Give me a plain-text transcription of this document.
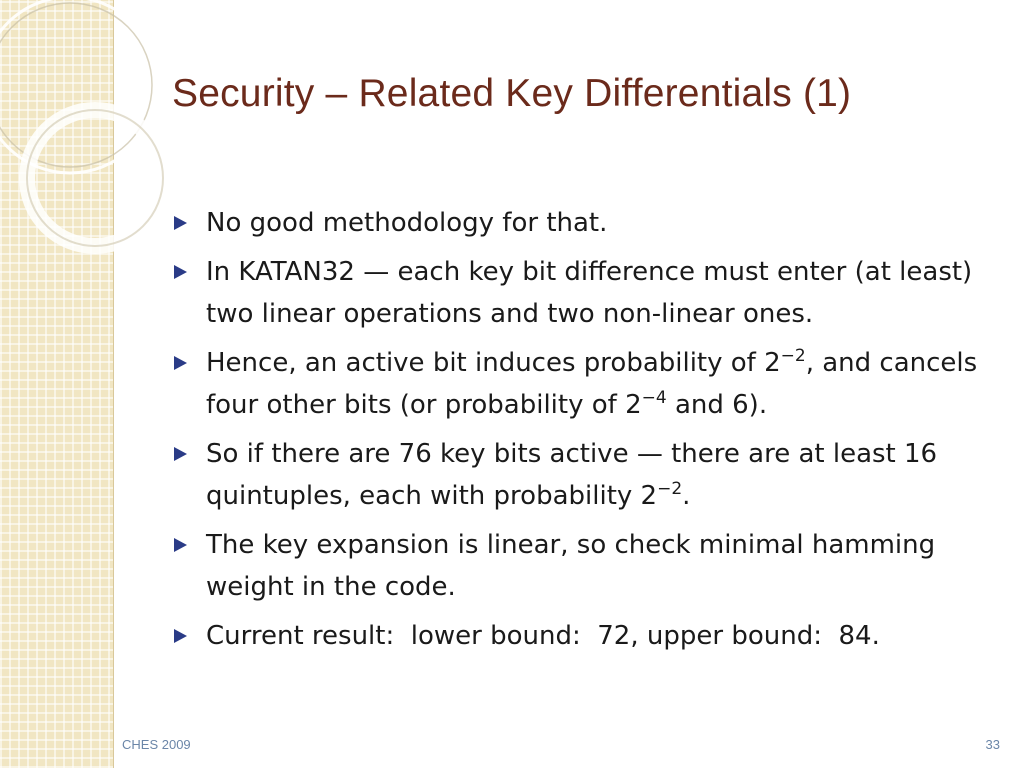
Security – Related Key Differentials (1)
No good methodology for that.
In KATAN32 — each key bit difference must enter (at least) two linear operations and two non-linear ones.
Hence, an active bit induces probability of $2^{-2}$, and cancels four other bits (or probability of $2^{-4}$ and 6).
So if there are 76 key bits active — there are at least 16 quintuples, each with probability $2^{-2}$.
The key expansion is linear, so check minimal hamming weight in the code.
Current result:  lower bound:  72, upper bound:  84.
CHES 2009	33
